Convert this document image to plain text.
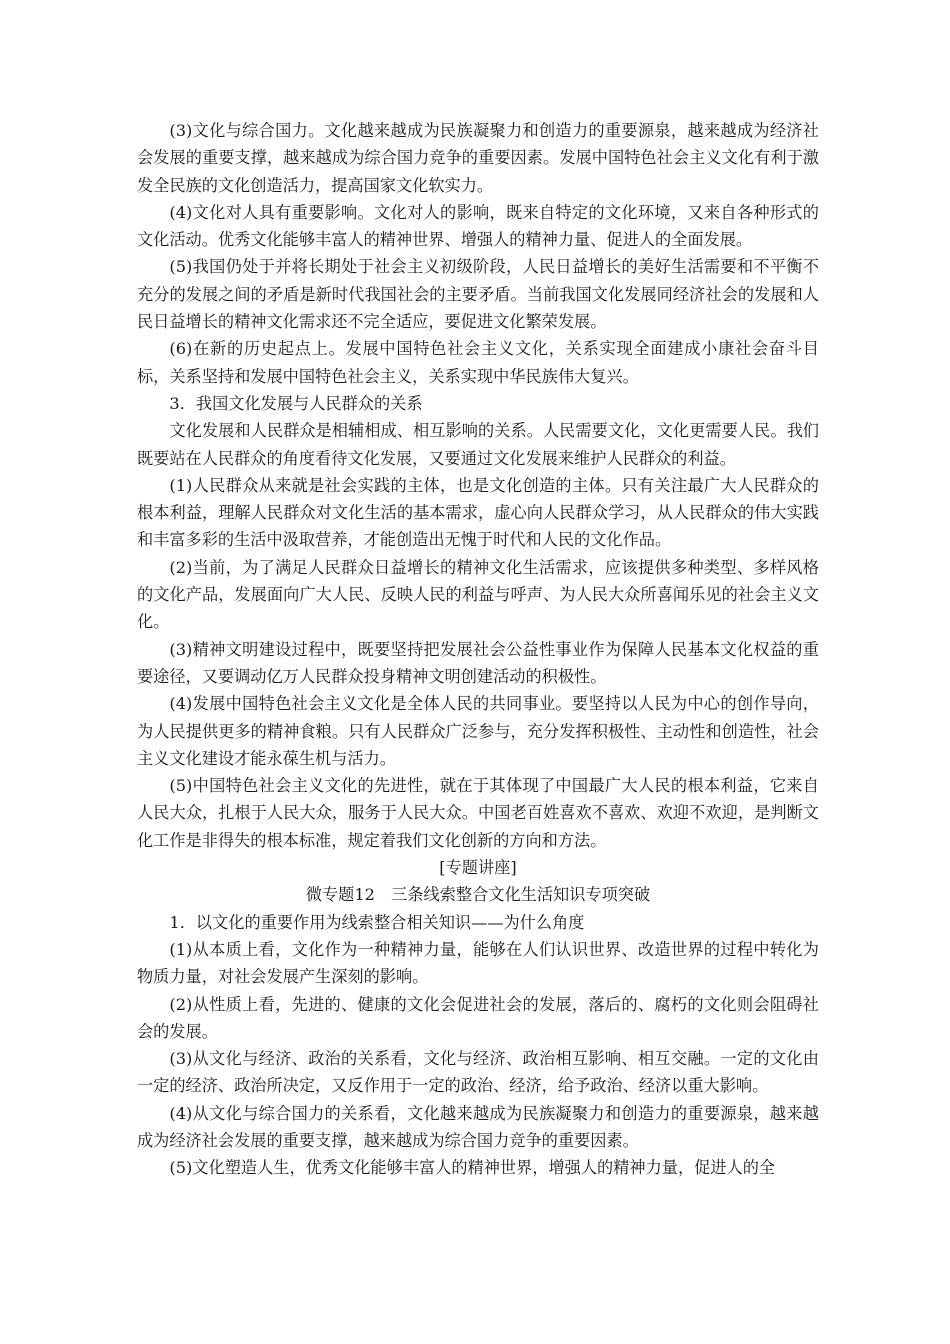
(3)文化与综合国力。文化越来越成为民族凝聚力和创造力的重要源泉，越来越成为经济社会发展的重要支撑，越来越成为综合国力竞争的重要因素。发展中国特色社会主义文化有利于激发全民族的文化创造活力，提高国家文化软实力。

(4)文化对人具有重要影响。文化对人的影响，既来自特定的文化环境，又来自各种形式的文化活动。优秀文化能够丰富人的精神世界、增强人的精神力量、促进人的全面发展。

(5)我国仍处于并将长期处于社会主义初级阶段，人民日益增长的美好生活需要和不平衡不充分的发展之间的矛盾是新时代我国社会的主要矛盾。当前我国文化发展同经济社会的发展和人民日益增长的精神文化需求还不完全适应，要促进文化繁荣发展。

(6)在新的历史起点上。发展中国特色社会主义文化，关系实现全面建成小康社会奋斗目标，关系坚持和发展中国特色社会主义，关系实现中华民族伟大复兴。

3．我国文化发展与人民群众的关系

文化发展和人民群众是相辅相成、相互影响的关系。人民需要文化，文化更需要人民。我们既要站在人民群众的角度看待文化发展，又要通过文化发展来维护人民群众的利益。

(1)人民群众从来就是社会实践的主体，也是文化创造的主体。只有关注最广大人民群众的根本利益，理解人民群众对文化生活的基本需求，虚心向人民群众学习，从人民群众的伟大实践和丰富多彩的生活中汲取营养，才能创造出无愧于时代和人民的文化作品。

(2)当前，为了满足人民群众日益增长的精神文化生活需求，应该提供多种类型、多样风格的文化产品，发展面向广大人民、反映人民的利益与呼声、为人民大众所喜闻乐见的社会主义文化。

(3)精神文明建设过程中，既要坚持把发展社会公益性事业作为保障人民基本文化权益的重要途径，又要调动亿万人民群众投身精神文明创建活动的积极性。

(4)发展中国特色社会主义文化是全体人民的共同事业。要坚持以人民为中心的创作导向，为人民提供更多的精神食粮。只有人民群众广泛参与，充分发挥积极性、主动性和创造性，社会主义文化建设才能永葆生机与活力。

(5)中国特色社会主义文化的先进性，就在于其体现了中国最广大人民的根本利益，它来自人民大众，扎根于人民大众，服务于人民大众。中国老百姓喜欢不喜欢、欢迎不欢迎，是判断文化工作是非得失的根本标准，规定着我们文化创新的方向和方法。

[专题讲座]

微专题12　三条线索整合文化生活知识专项突破

1．以文化的重要作用为线索整合相关知识——为什么角度

(1)从本质上看，文化作为一种精神力量，能够在人们认识世界、改造世界的过程中转化为物质力量，对社会发展产生深刻的影响。

(2)从性质上看，先进的、健康的文化会促进社会的发展，落后的、腐朽的文化则会阻碍社会的发展。

(3)从文化与经济、政治的关系看，文化与经济、政治相互影响、相互交融。一定的文化由一定的经济、政治所决定，又反作用于一定的政治、经济，给予政治、经济以重大影响。

(4)从文化与综合国力的关系看，文化越来越成为民族凝聚力和创造力的重要源泉，越来越成为经济社会发展的重要支撑，越来越成为综合国力竞争的重要因素。

(5)文化塑造人生，优秀文化能够丰富人的精神世界，增强人的精神力量，促进人的全
